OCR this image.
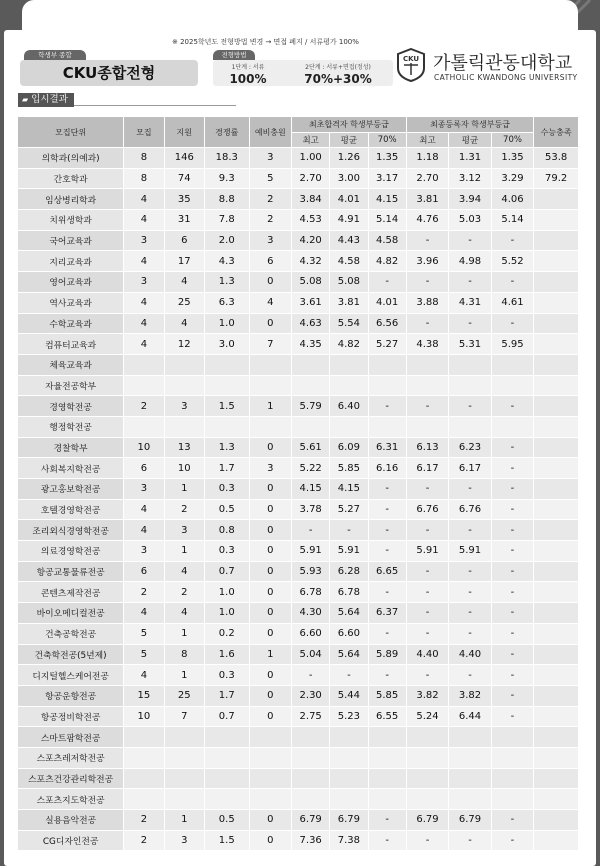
※ 2025학년도 전형방법 변경 → 면접 폐지 / 서류평가 100%
학생부 종합
CKU종합전형
전형방법
1단계 : 서류
100%
2단계 : 서류+면접(정성)
70%+30%
CKU 가톨릭관동대학교
CATHOLIC KWANDONG UNIVERSITY
▰ 입시결과
모집단위	모집	지원	경쟁률	예비충원	최초합격자 학생부등급			최종등록자 학생부등급			수능충족
					최고	평균	70%	최고	평균	70%	
의학과(의예과)	8	146	18.3	3	1.00	1.26	1.35	1.18	1.31	1.35	53.8
간호학과	8	74	9.3	5	2.70	3.00	3.17	2.70	3.12	3.29	79.2
임상병리학과	4	35	8.8	2	3.84	4.01	4.15	3.81	3.94	4.06	
치위생학과	4	31	7.8	2	4.53	4.91	5.14	4.76	5.03	5.14	
국어교육과	3	6	2.0	3	4.20	4.43	4.58	-	-	-	
지리교육과	4	17	4.3	6	4.32	4.58	4.82	3.96	4.98	5.52	
영어교육과	3	4	1.3	0	5.08	5.08	-	-	-	-	
역사교육과	4	25	6.3	4	3.61	3.81	4.01	3.88	4.31	4.61	
수학교육과	4	4	1.0	0	4.63	5.54	6.56	-	-	-	
컴퓨터교육과	4	12	3.0	7	4.35	4.82	5.27	4.38	5.31	5.95	
체육교육과											
자율전공학부											
경영학전공	2	3	1.5	1	5.79	6.40	-	-	-	-	
행정학전공											
경찰학부	10	13	1.3	0	5.61	6.09	6.31	6.13	6.23	-	
사회복지학전공	6	10	1.7	3	5.22	5.85	6.16	6.17	6.17	-	
광고홍보학전공	3	1	0.3	0	4.15	4.15	-	-	-	-	
호텔경영학전공	4	2	0.5	0	3.78	5.27	-	6.76	6.76	-	
조리외식경영학전공	4	3	0.8	0	-	-	-	-	-	-	
의료경영학전공	3	1	0.3	0	5.91	5.91	-	5.91	5.91	-	
항공교통물류전공	6	4	0.7	0	5.93	6.28	6.65	-	-	-	
콘텐츠제작전공	2	2	1.0	0	6.78	6.78	-	-	-	-	
바이오메디컬전공	4	4	1.0	0	4.30	5.64	6.37	-	-	-	
건축공학전공	5	1	0.2	0	6.60	6.60	-	-	-	-	
건축학전공(5년제)	5	8	1.6	1	5.04	5.64	5.89	4.40	4.40	-	
디지털헬스케어전공	4	1	0.3	0	-	-	-	-	-	-	
항공운항전공	15	25	1.7	0	2.30	5.44	5.85	3.82	3.82	-	
항공정비학전공	10	7	0.7	0	2.75	5.23	6.55	5.24	6.44	-	
스마트팜학전공											
스포츠레저학전공											
스포츠건강관리학전공											
스포츠지도학전공											
실용음악전공	2	1	0.5	0	6.79	6.79	-	6.79	6.79	-	
CG디자인전공	2	3	1.5	0	7.36	7.38	-	-	-	-	
